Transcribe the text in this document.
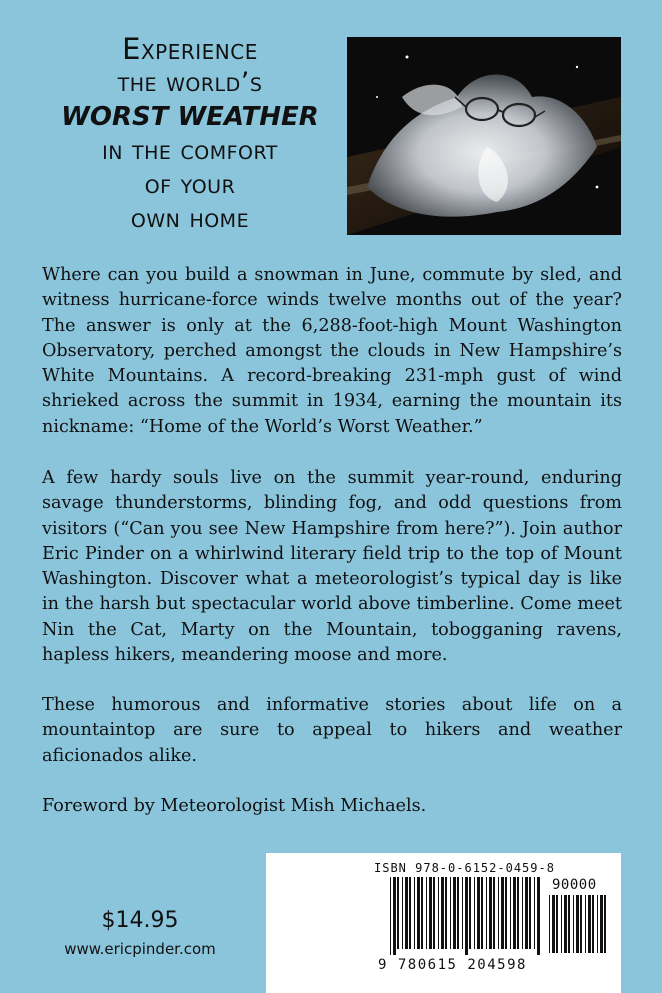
Experience
the world’s
WORST WEATHER
in the comfort
of your
own home

Where can you build a snowman in June, commute by sled, and witness hurricane-force winds twelve months out of the year? The answer is only at the 6,288-foot-high Mount Washington Observatory, perched amongst the clouds in New Hampshire’s White Mountains. A record-breaking 231-mph gust of wind shrieked across the summit in 1934, earning the mountain its nickname: “Home of the World’s Worst Weather.”

A few hardy souls live on the summit year-round, enduring savage thunderstorms, blinding fog, and odd questions from visitors (“Can you see New Hampshire from here?”). Join author Eric Pinder on a whirlwind literary field trip to the top of Mount Washington. Discover what a meteorologist’s typical day is like in the harsh but spectacular world above timberline. Come meet Nin the Cat, Marty on the Mountain, tobogganing ravens, hapless hikers, meandering moose and more.

These humorous and informative stories about life on a mountaintop are sure to appeal to hikers and weather aficionados alike.

Foreword by Meteorologist Mish Michaels.

$14.95
www.ericpinder.com
ISBN 978-0-6152-0459-8
90000
9 780615 204598
